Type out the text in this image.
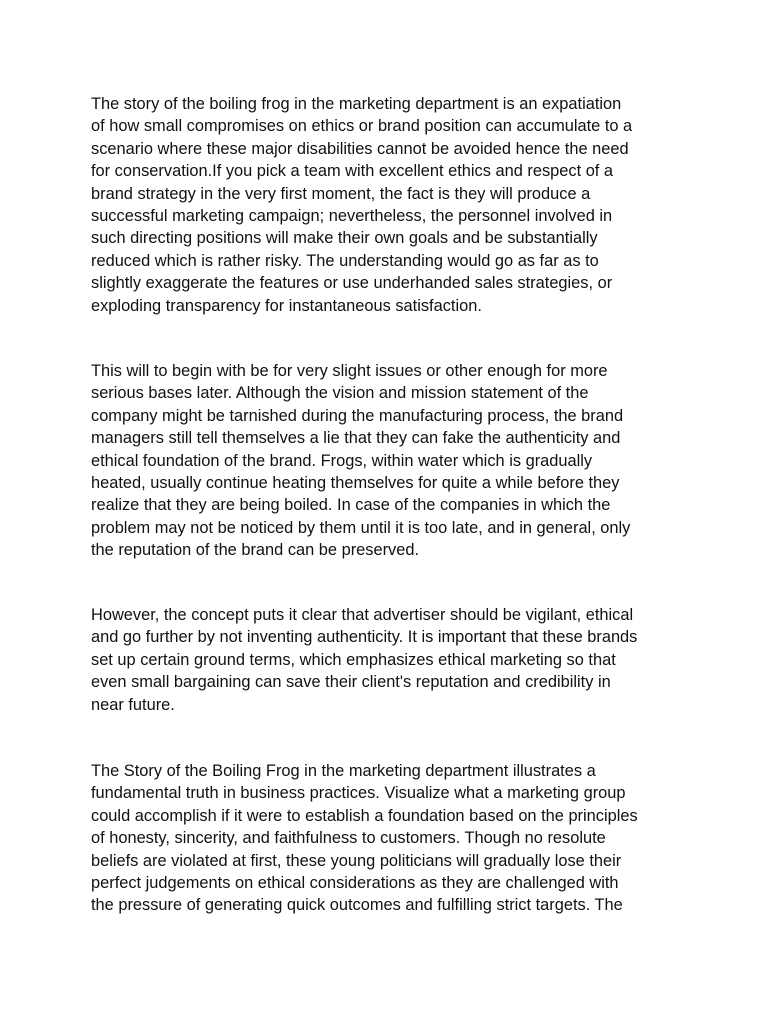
The story of the boiling frog in the marketing department is an expatiation
of how small compromises on ethics or brand position can accumulate to a
scenario where these major disabilities cannot be avoided hence the need
for conservation.If you pick a team with excellent ethics and respect of a
brand strategy in the very first moment, the fact is they will produce a
successful marketing campaign; nevertheless, the personnel involved in
such directing positions will make their own goals and be substantially
reduced which is rather risky. The understanding would go as far as to
slightly exaggerate the features or use underhanded sales strategies, or
exploding transparency for instantaneous satisfaction.

This will to begin with be for very slight issues or other enough for more
serious bases later. Although the vision and mission statement of the
company might be tarnished during the manufacturing process, the brand
managers still tell themselves a lie that they can fake the authenticity and
ethical foundation of the brand. Frogs, within water which is gradually
heated, usually continue heating themselves for quite a while before they
realize that they are being boiled. In case of the companies in which the
problem may not be noticed by them until it is too late, and in general, only
the reputation of the brand can be preserved.

However, the concept puts it clear that advertiser should be vigilant, ethical
and go further by not inventing authenticity. It is important that these brands
set up certain ground terms, which emphasizes ethical marketing so that
even small bargaining can save their client's reputation and credibility in
near future.

The Story of the Boiling Frog in the marketing department illustrates a
fundamental truth in business practices. Visualize what a marketing group
could accomplish if it were to establish a foundation based on the principles
of honesty, sincerity, and faithfulness to customers. Though no resolute
beliefs are violated at first, these young politicians will gradually lose their
perfect judgements on ethical considerations as they are challenged with
the pressure of generating quick outcomes and fulfilling strict targets. The
